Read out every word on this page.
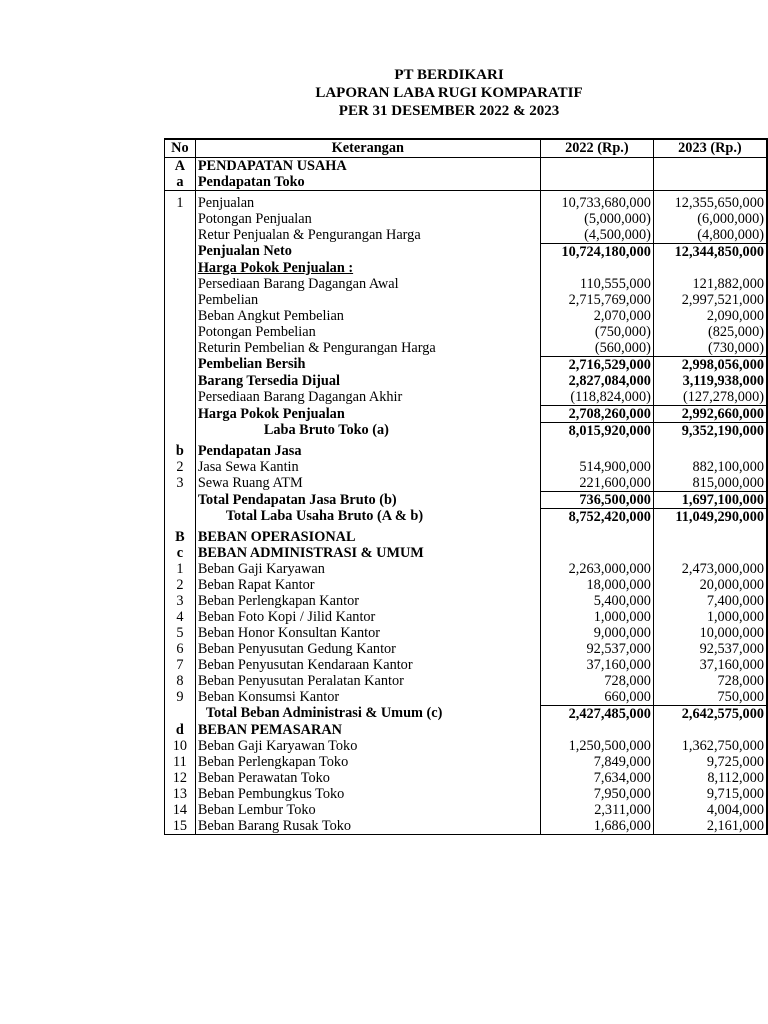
PT BERDIKARI
LAPORAN LABA RUGI KOMPARATIF
PER 31 DESEMBER 2022 & 2023
No	Keterangan	2022 (Rp.)	2023 (Rp.)
A	PENDAPATAN USAHA		
a	Pendapatan Toko		

1	Penjualan	10,733,680,000	12,355,650,000
	Potongan Penjualan	(5,000,000)	(6,000,000)
	Retur Penjualan & Pengurangan Harga	(4,500,000)	(4,800,000)
	Penjualan Neto	10,724,180,000	12,344,850,000
	Harga Pokok Penjualan :		
	Persediaan Barang Dagangan Awal	110,555,000	121,882,000
	Pembelian	2,715,769,000	2,997,521,000
	Beban Angkut Pembelian	2,070,000	2,090,000
	Potongan Pembelian	(750,000)	(825,000)
	Returin Pembelian & Pengurangan Harga	(560,000)	(730,000)
	Pembelian Bersih	2,716,529,000	2,998,056,000
	Barang Tersedia Dijual	2,827,084,000	3,119,938,000
	Persediaan Barang Dagangan Akhir	(118,824,000)	(127,278,000)
	Harga Pokok Penjualan	2,708,260,000	2,992,660,000
	Laba Bruto Toko (a)	8,015,920,000	9,352,190,000

b	Pendapatan Jasa		
2	Jasa Sewa Kantin	514,900,000	882,100,000
3	Sewa Ruang ATM	221,600,000	815,000,000
	Total Pendapatan Jasa Bruto (b)	736,500,000	1,697,100,000
	Total Laba Usaha Bruto (A & b)	8,752,420,000	11,049,290,000

B	BEBAN OPERASIONAL		
c	BEBAN ADMINISTRASI & UMUM		
1	Beban Gaji Karyawan	2,263,000,000	2,473,000,000
2	Beban Rapat Kantor	18,000,000	20,000,000
3	Beban Perlengkapan Kantor	5,400,000	7,400,000
4	Beban Foto Kopi / Jilid Kantor	1,000,000	1,000,000
5	Beban Honor Konsultan Kantor	9,000,000	10,000,000
6	Beban Penyusutan Gedung Kantor	92,537,000	92,537,000
7	Beban Penyusutan Kendaraan Kantor	37,160,000	37,160,000
8	Beban Penyusutan Peralatan Kantor	728,000	728,000
9	Beban Konsumsi Kantor	660,000	750,000
	Total Beban Administrasi & Umum (c)	2,427,485,000	2,642,575,000
d	BEBAN PEMASARAN		
10	Beban Gaji Karyawan Toko	1,250,500,000	1,362,750,000
11	Beban Perlengkapan Toko	7,849,000	9,725,000
12	Beban Perawatan Toko	7,634,000	8,112,000
13	Beban Pembungkus Toko	7,950,000	9,715,000
14	Beban Lembur Toko	2,311,000	4,004,000
15	Beban Barang Rusak Toko	1,686,000	2,161,000
